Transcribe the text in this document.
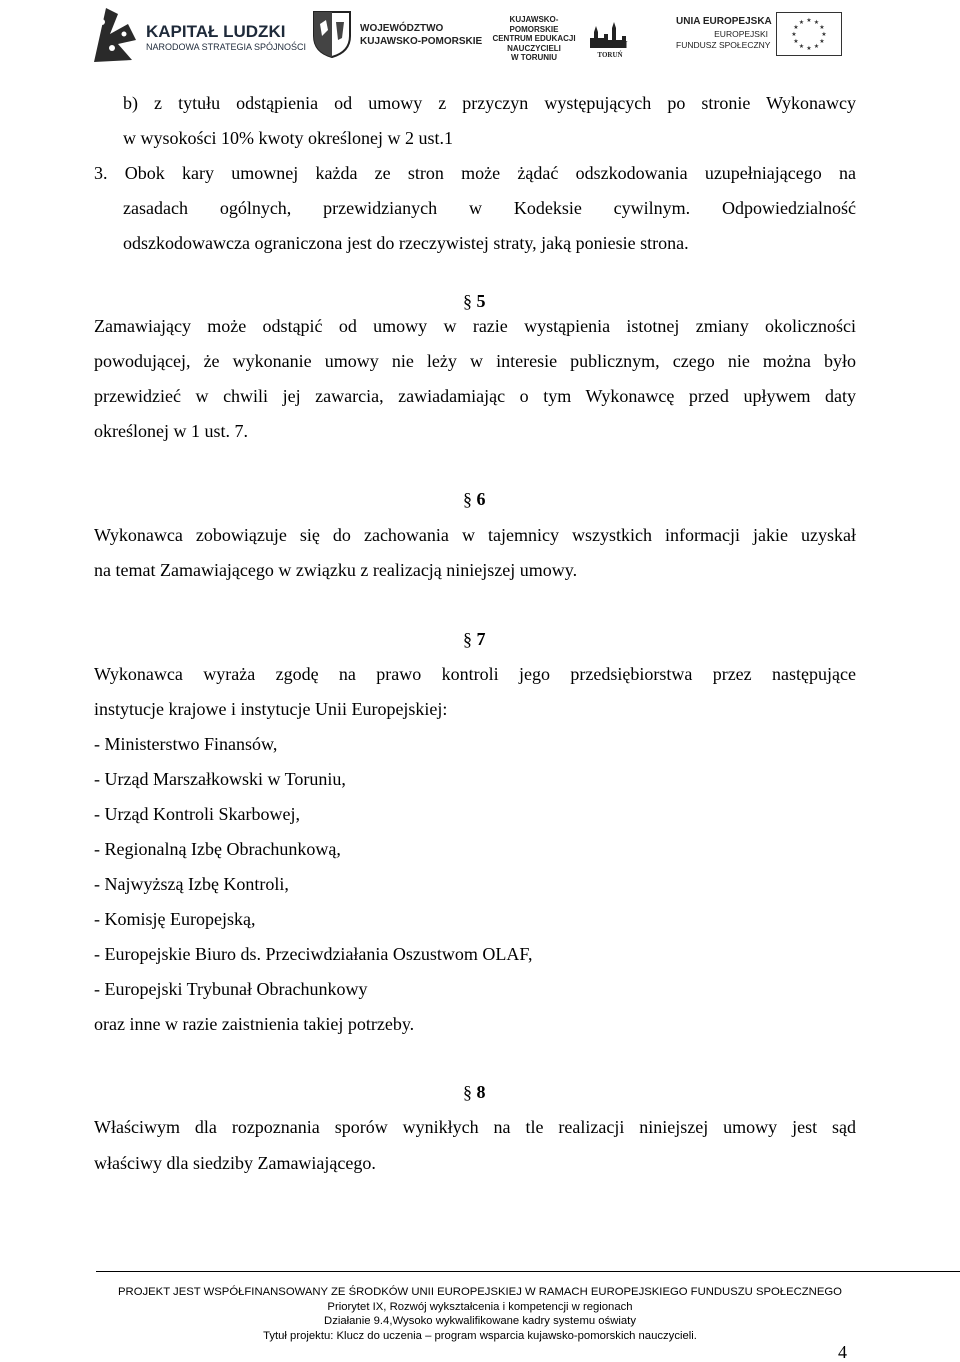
KAPITAŁ LUDZKI
NARODOWA STRATEGIA SPÓJNOŚCI
WOJEWÓDZTWO
KUJAWSKO-POMORSKIE
KUJAWSKO-POMORSKIE
CENTRUM EDUKACJI
NAUCZYCIELI
W TORUNIU
KPCEN
TORUŃ
UNIA EUROPEJSKA
EUROPEJSKI
FUNDUSZ SPOŁECZNY
★ ★
★
★
★
★
★
★
★
★
★
★
b) z tytułu odstąpienia od umowy z przyczyn występujących po stronie Wykonawcy
w wysokości 10% kwoty określonej w 2 ust.1
3. Obok kary umownej każda ze stron może żądać odszkodowania uzupełniającego na
zasadach ogólnych, przewidzianych w Kodeksie cywilnym. Odpowiedzialność
odszkodowawcza ograniczona jest do rzeczywistej straty, jaką poniesie strona.
§ 5
Zamawiający może odstąpić od umowy w razie wystąpienia istotnej zmiany okoliczności
powodującej, że wykonanie umowy nie leży w interesie publicznym, czego nie można było
przewidzieć w chwili jej zawarcia, zawiadamiając o tym Wykonawcę przed upływem daty
określonej w 1 ust. 7.
§ 6
Wykonawca zobowiązuje się do zachowania w tajemnicy wszystkich informacji jakie uzyskał
na temat Zamawiającego w związku z realizacją niniejszej umowy.
§ 7
Wykonawca wyraża zgodę na prawo kontroli jego przedsiębiorstwa przez następujące
instytucje krajowe i instytucje Unii Europejskiej:
- Ministerstwo Finansów,
- Urząd Marszałkowski w Toruniu,
- Urząd Kontroli Skarbowej,
- Regionalną Izbę Obrachunkową,
- Najwyższą Izbę Kontroli,
- Komisję Europejską,
- Europejskie Biuro ds. Przeciwdziałania Oszustwom OLAF,
- Europejski Trybunał Obrachunkowy
oraz inne w razie zaistnienia takiej potrzeby.
§ 8
Właściwym dla rozpoznania sporów wynikłych na tle realizacji niniejszej umowy jest sąd
właściwy dla siedziby Zamawiającego.
PROJEKT JEST WSPÓŁFINANSOWANY ZE ŚRODKÓW UNII EUROPEJSKIEJ W RAMACH EUROPEJSKIEGO FUNDUSZU SPOŁECZNEGO
Priorytet IX, Rozwój wykształcenia i kompetencji w regionach
Działanie 9.4,Wysoko wykwalifikowane kadry systemu oświaty
Tytuł projektu: Klucz do uczenia – program wsparcia kujawsko-pomorskich nauczycieli.
4
